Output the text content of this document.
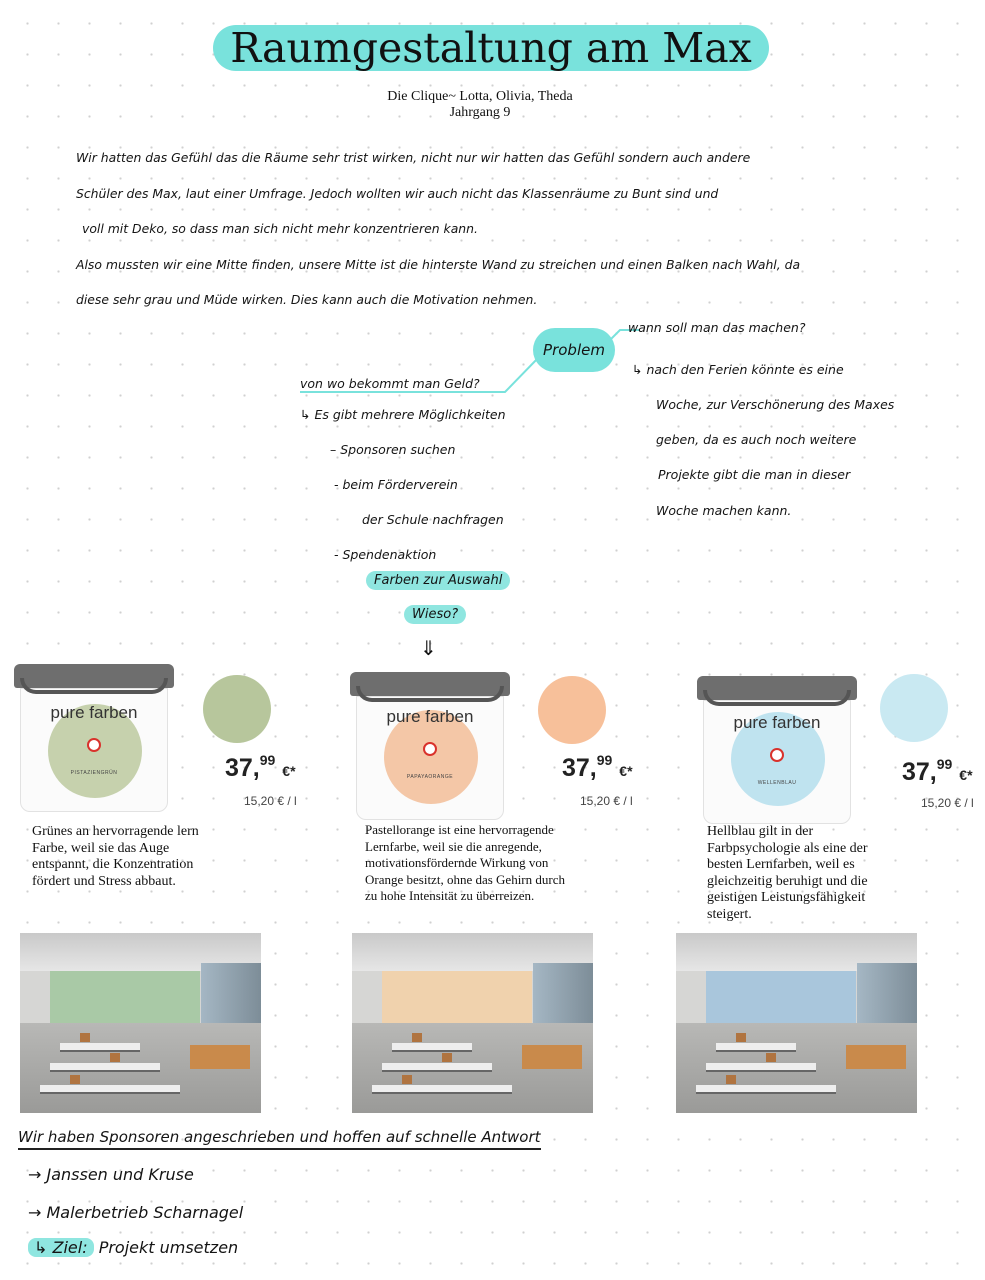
Raumgestaltung am Max
Die Clique~ Lotta, Olivia, Theda
Jahrgang 9
Wir hatten das Gefühl das die Räume sehr trist wirken, nicht nur wir hatten das Gefühl sondern auch andere
Schüler des Max, laut einer Umfrage. Jedoch wollten wir auch nicht das Klassenräume zu Bunt sind und
voll mit Deko, so dass man sich nicht mehr konzentrieren kann.
Also mussten wir eine Mitte finden, unsere Mitte ist die hinterste Wand zu streichen und einen Balken nach Wahl, da
diese sehr grau und Müde wirken. Dies kann auch die Motivation nehmen.
Problem
wann soll man das machen?
↳ nach den Ferien könnte es eine
Woche, zur Verschönerung des Maxes
geben, da es auch noch weitere
Projekte gibt die man in dieser
Woche machen kann.
von wo bekommt man Geld?
↳ Es gibt mehrere Möglichkeiten
– Sponsoren suchen
- beim Förderverein
der Schule nachfragen
- Spendenaktion
Farben zur Auswahl
Wieso?
⇓
pure farben
PISTAZIENGRÜN	37,99 €*
15,20 € / l
Grünes an hervorragende lern Farbe, weil sie das Auge entspannt, die Konzentration fördert und Stress abbaut.
pure farben
PAPAYAORANGE	37,99 €*
15,20 € / l
Pastellorange ist eine hervorragende Lernfarbe, weil sie die anregende, motivationsfördernde Wirkung von Orange besitzt, ohne das Gehirn durch zu hohe Intensität zu überreizen.
pure farben
WELLENBLAU	37,99 €*
15,20 € / l
Hellblau gilt in der Farbpsychologie als eine der besten Lernfarben, weil es gleichzeitig beruhigt und die geistigen Leistungsfähigkeit steigert.
Wir haben Sponsoren angeschrieben und hoffen auf schnelle Antwort
→ Janssen und Kruse
→ Malerbetrieb Scharnagel
↳ Ziel: Projekt umsetzen
